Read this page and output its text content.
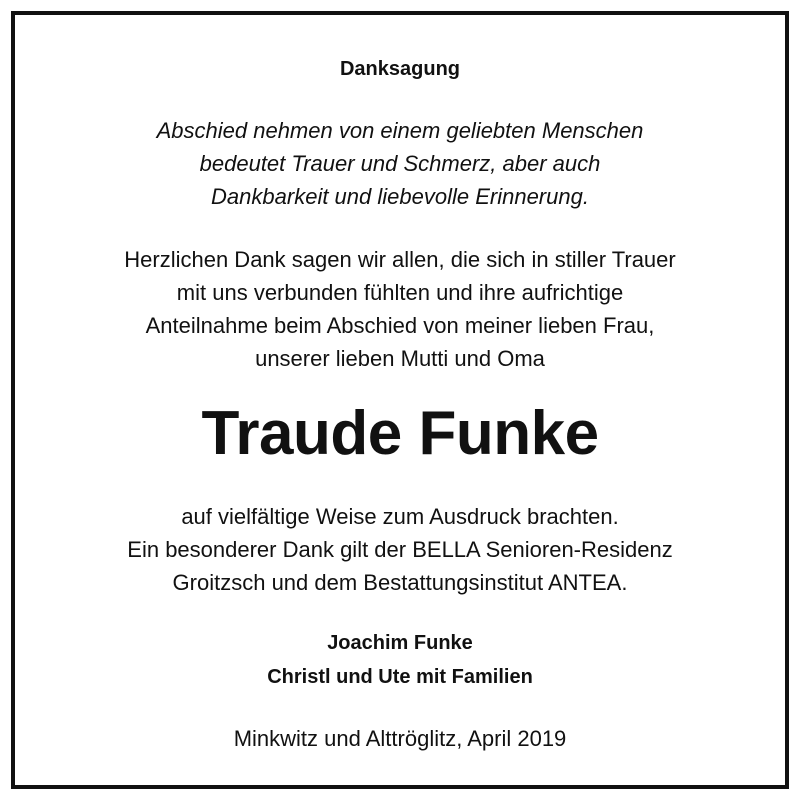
Danksagung
Abschied nehmen von einem geliebten Menschen
bedeutet Trauer und Schmerz, aber auch
Dankbarkeit und liebevolle Erinnerung.
Herzlichen Dank sagen wir allen, die sich in stiller Trauer
mit uns verbunden fühlten und ihre aufrichtige
Anteilnahme beim Abschied von meiner lieben Frau,
unserer lieben Mutti und Oma
Traude Funke
auf vielfältige Weise zum Ausdruck brachten.
Ein besonderer Dank gilt der BELLA Senioren-Residenz
Groitzsch und dem Bestattungsinstitut ANTEA.
Joachim Funke
Christl und Ute mit Familien
Minkwitz und Alttröglitz, April 2019
